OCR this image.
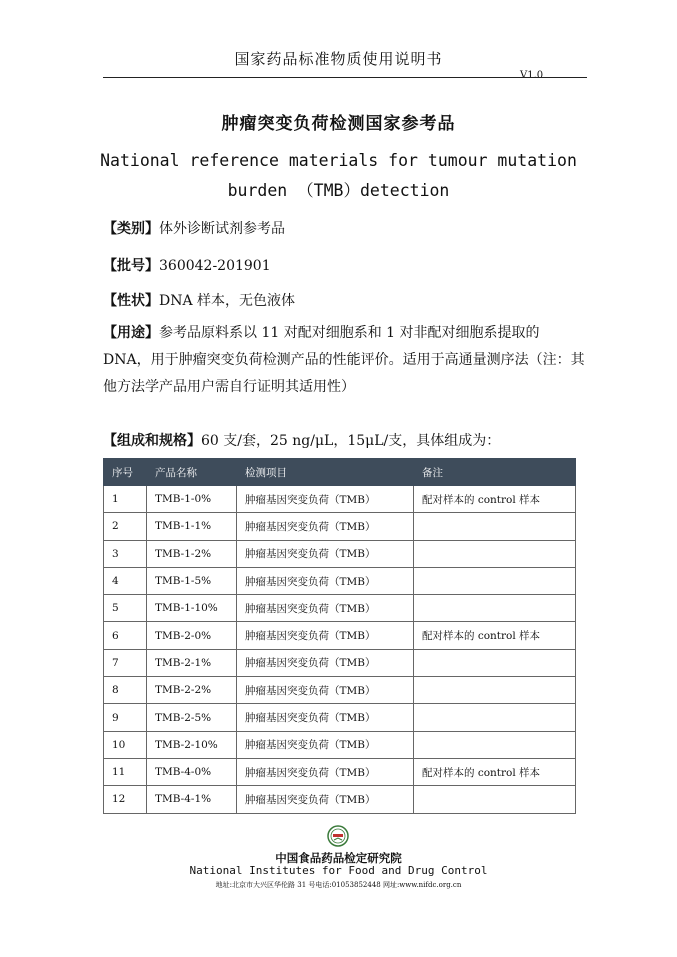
国家药品标准物质使用说明书
V1.0
肿瘤突变负荷检测国家参考品
National reference materials for tumour mutation
burden （TMB）detection
【类别】体外诊断试剂参考品
【批号】360042-201901
【性状】DNA 样本，无色液体
【用途】参考品原料系以 11 对配对细胞系和 1 对非配对细胞系提取的 DNA，用于肿瘤突变负荷检测产品的性能评价。适用于高通量测序法（注：其他方法学产品用户需自行证明其适用性）
【组成和规格】60 支/套，25 ng/μL，15μL/支，具体组成为：
序号	产品名称	检测项目	备注
1	TMB-1-0%	肿瘤基因突变负荷（TMB）	配对样本的 control 样本
2	TMB-1-1%	肿瘤基因突变负荷（TMB）	
3	TMB-1-2%	肿瘤基因突变负荷（TMB）	
4	TMB-1-5%	肿瘤基因突变负荷（TMB）	
5	TMB-1-10%	肿瘤基因突变负荷（TMB）	
6	TMB-2-0%	肿瘤基因突变负荷（TMB）	配对样本的 control 样本
7	TMB-2-1%	肿瘤基因突变负荷（TMB）	
8	TMB-2-2%	肿瘤基因突变负荷（TMB）	
9	TMB-2-5%	肿瘤基因突变负荷（TMB）	
10	TMB-2-10%	肿瘤基因突变负荷（TMB）	
11	TMB-4-0%	肿瘤基因突变负荷（TMB）	配对样本的 control 样本
12	TMB-4-1%	肿瘤基因突变负荷（TMB）	
中国食品药品检定研究院
National Institutes for Food and Drug Control
地址:北京市大兴区华伦路 31 号电话:01053852448 网址:www.nifdc.org.cn
